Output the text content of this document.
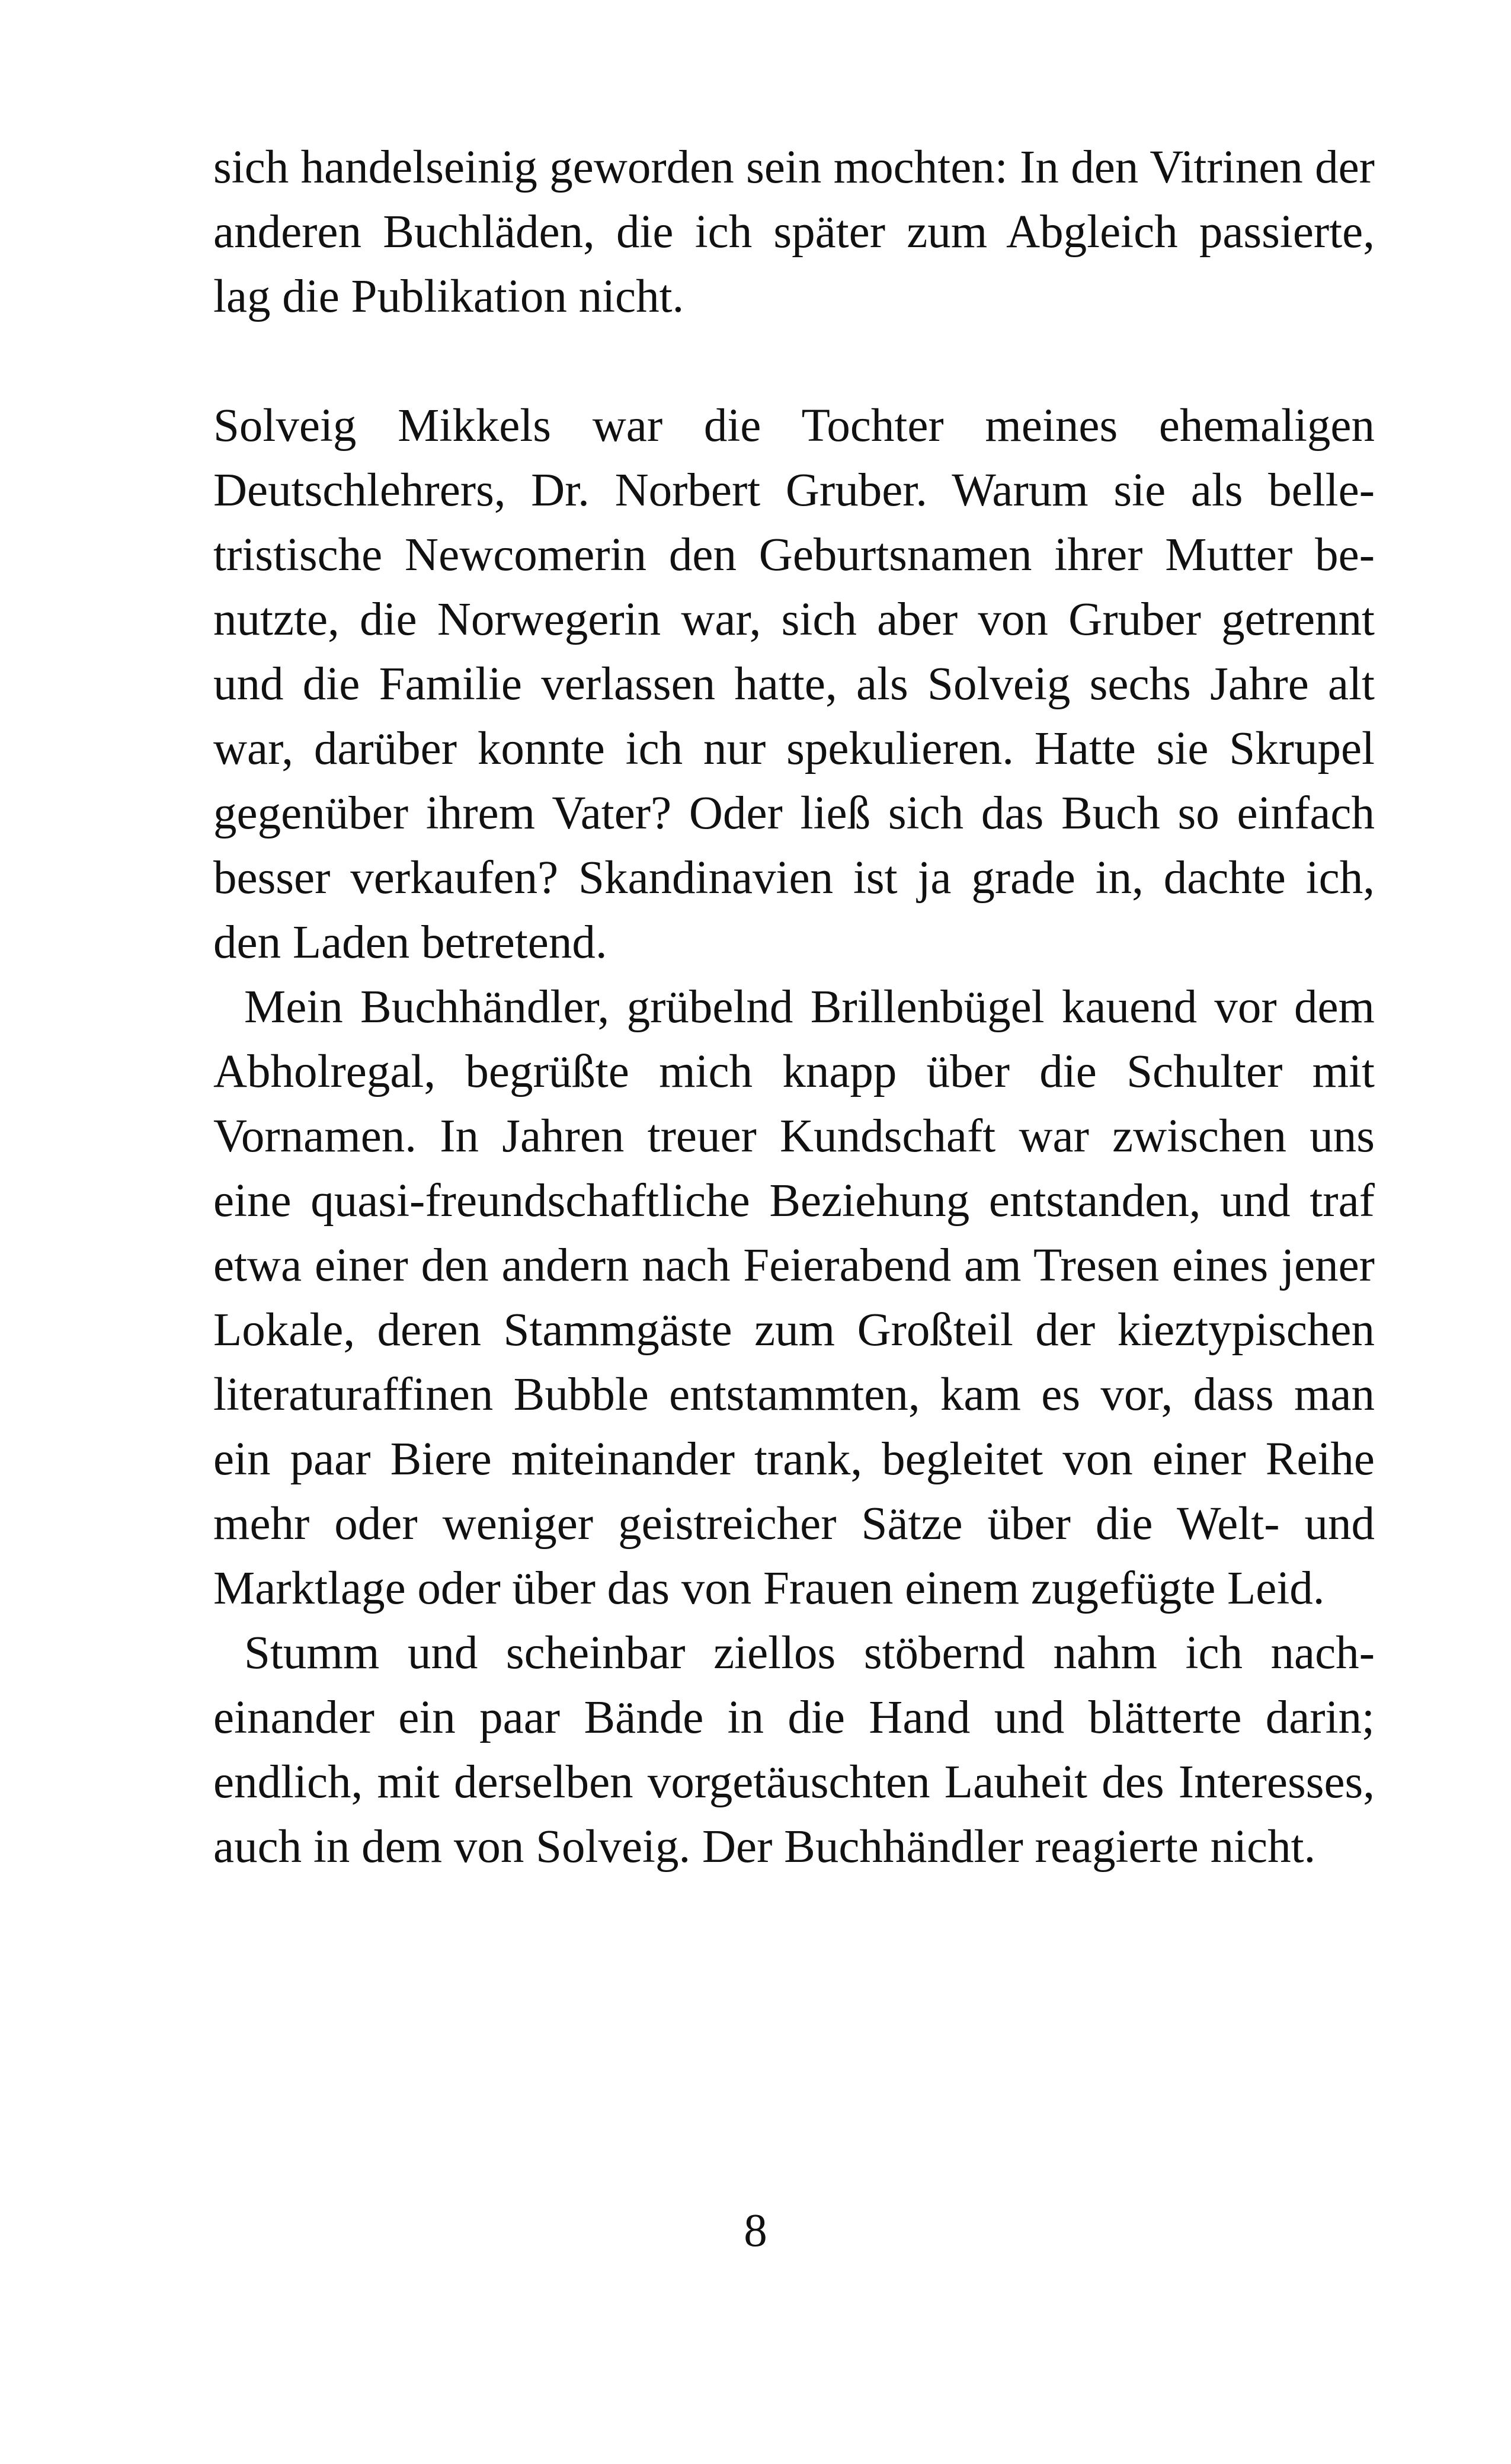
sich handelseinig geworden sein mochten: In den Vitrinen der anderen Buchläden, die ich später zum Abgleich passierte, lag die Publikation nicht.

Solveig Mikkels war die Tochter meines ehemaligen Deutschlehrers, Dr. Norbert Gruber. Warum sie als belletristische Newcomerin den Geburtsnamen ihrer Mutter benutzte, die Norwegerin war, sich aber von Gruber getrennt und die Familie verlassen hatte, als Solveig sechs Jahre alt war, darüber konnte ich nur spekulieren. Hatte sie Skrupel gegenüber ihrem Vater? Oder ließ sich das Buch so einfach besser verkaufen? Skandinavien ist ja grade in, dachte ich, den Laden betretend.

Mein Buchhändler, grübelnd Brillenbügel kauend vor dem Abholregal, begrüßte mich knapp über die Schulter mit Vornamen. In Jahren treuer Kundschaft war zwischen uns eine quasi-freundschaftliche Beziehung entstanden, und traf etwa einer den andern nach Feierabend am Tresen eines jener Lokale, deren Stammgäste zum Großteil der kieztypischen literaturaffinen Bubble entstammten, kam es vor, dass man ein paar Biere miteinander trank, begleitet von einer Reihe mehr oder weniger geistreicher Sätze über die Welt- und Marktlage oder über das von Frauen einem zugefügte Leid.

Stumm und scheinbar ziellos stöbernd nahm ich nacheinander ein paar Bände in die Hand und blätterte darin; endlich, mit derselben vorgetäuschten Lauheit des Interesses, auch in dem von Solveig. Der Buchhändler reagierte nicht.

8
